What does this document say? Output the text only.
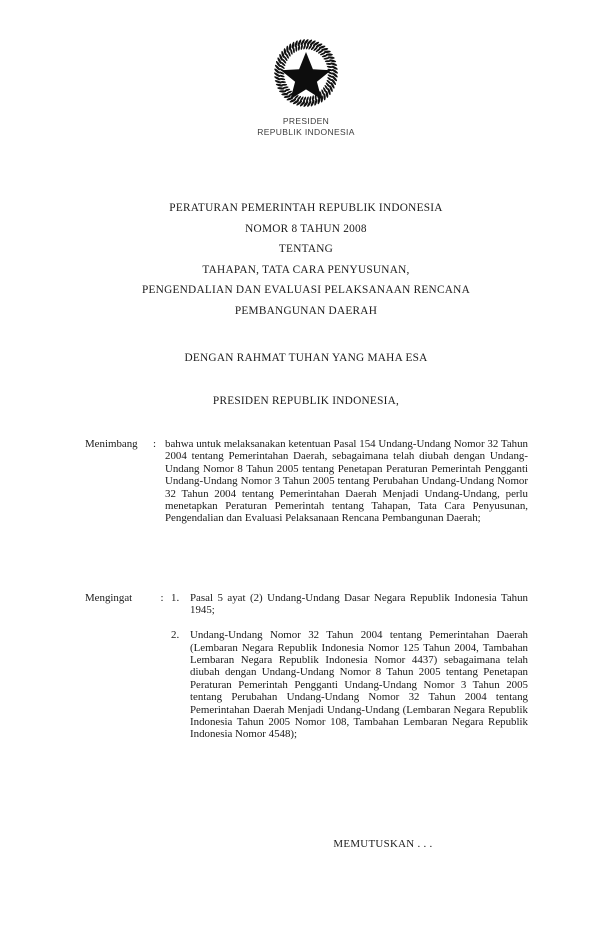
PRESIDEN
REPUBLIK INDONESIA
PERATURAN PEMERINTAH REPUBLIK INDONESIA
NOMOR 8 TAHUN 2008
TENTANG
TAHAPAN, TATA CARA PENYUSUNAN,
PENGENDALIAN DAN EVALUASI PELAKSANAAN RENCANA
PEMBANGUNAN DAERAH
DENGAN RAHMAT TUHAN YANG MAHA ESA
PRESIDEN REPUBLIK INDONESIA,
Menimbang	: bahwa untuk melaksanakan ketentuan Pasal 154 Undang-Undang Nomor 32 Tahun 2004 tentang Pemerintahan Daerah, sebagaimana telah diubah dengan Undang-Undang Nomor 8 Tahun 2005 tentang Penetapan Peraturan Pemerintah Pengganti Undang-Undang Nomor 3 Tahun 2005 tentang Perubahan Undang-Undang Nomor 32 Tahun 2004 tentang Pemerintahan Daerah Menjadi Undang-Undang, perlu menetapkan Peraturan Pemerintah tentang Tahapan, Tata Cara Penyusunan, Pengendalian dan Evaluasi Pelaksanaan Rencana Pembangunan Daerah;

Mengingat	: 1. Pasal 5 ayat (2) Undang-Undang Dasar Negara Republik Indonesia Tahun 1945;
2. Undang-Undang Nomor 32 Tahun 2004 tentang Pemerintahan Daerah (Lembaran Negara Republik Indonesia Nomor 125 Tahun 2004, Tambahan Lembaran Negara Republik Indonesia Nomor 4437) sebagaimana telah diubah dengan Undang-Undang Nomor 8 Tahun 2005 tentang Penetapan Peraturan Pemerintah Pengganti Undang-Undang Nomor 3 Tahun 2005 tentang Perubahan Undang-Undang Nomor 32 Tahun 2004 tentang Pemerintahan Daerah Menjadi Undang-Undang (Lembaran Negara Republik Indonesia Tahun 2005 Nomor 108, Tambahan Lembaran Negara Republik Indonesia Nomor 4548);
MEMUTUSKAN . . .
